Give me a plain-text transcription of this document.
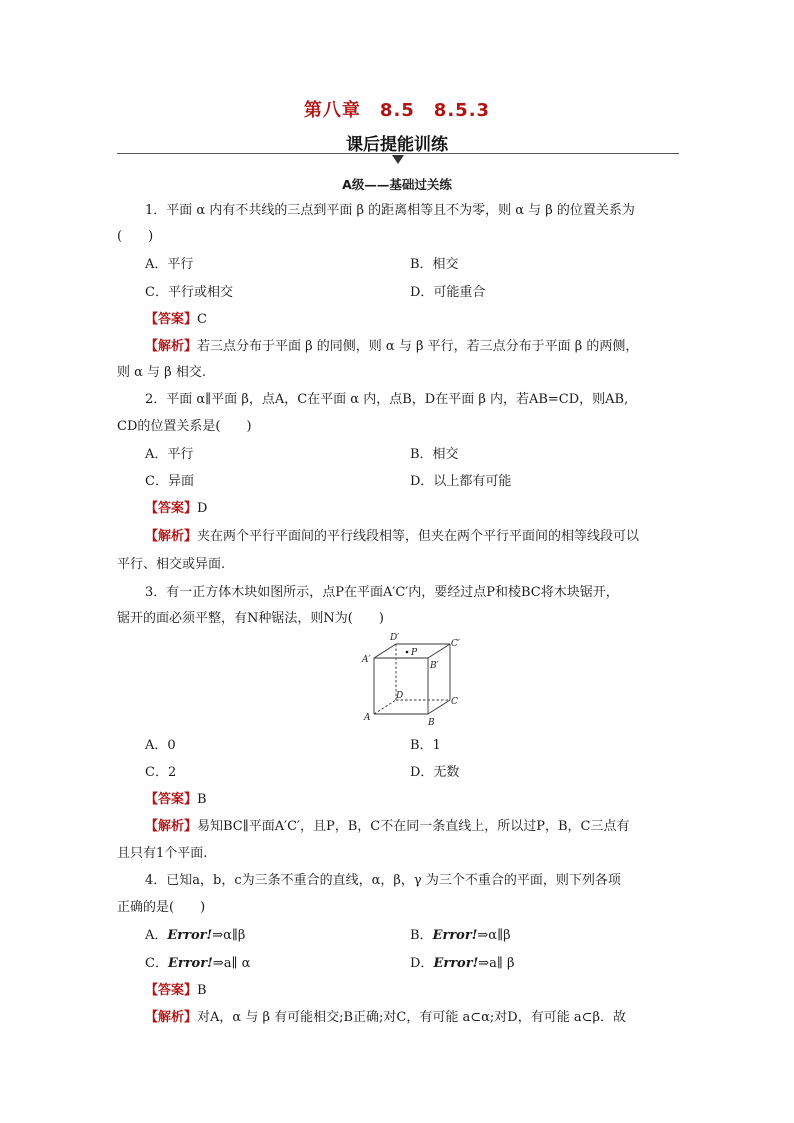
第八章　8.5　8.5.3
课后提能训练
A级——基础过关练
1．平面 α 内有不共线的三点到平面 β 的距离相等且不为零，则 α 与 β 的位置关系为
(　　)
A．平行	B．相交
C．平行或相交	D．可能重合
【答案】C
【解析】若三点分布于平面 β 的同侧，则 α 与 β 平行，若三点分布于平面 β 的两侧，
则 α 与 β 相交.
2．平面 α∥平面 β，点A，C在平面 α 内，点B，D在平面 β 内，若AB=CD，则AB,
CD的位置关系是(　　)
A．平行	B．相交
C．异面	D．以上都有可能
【答案】D
【解析】夹在两个平行平面间的平行线段相等，但夹在两个平行平面间的相等线段可以
平行、相交或异面.
3．有一正方体木块如图所示，点P在平面A′C′内，要经过点P和棱BC将木块锯开，
锯开的面必须平整，有N种锯法，则N为(　　)
D′
C′
A′
B′
P
D
C
A	B
A．0	B．1
C．2	D．无数
【答案】B
【解析】易知BC∥平面A′C′，且P，B，C不在同一条直线上，所以过P，B，C三点有
且只有1个平面.
4．已知a，b，c为三条不重合的直线，α，β，γ 为三个不重合的平面，则下列各项
正确的是(　　)
A．Error!⇒α∥β	B．Error!⇒α∥β
C．Error!⇒a∥ α	D．Error!⇒a∥ β
【答案】B
【解析】对A，α 与 β 有可能相交;B正确;对C，有可能 a⊂α;对D，有可能 a⊂β．故
